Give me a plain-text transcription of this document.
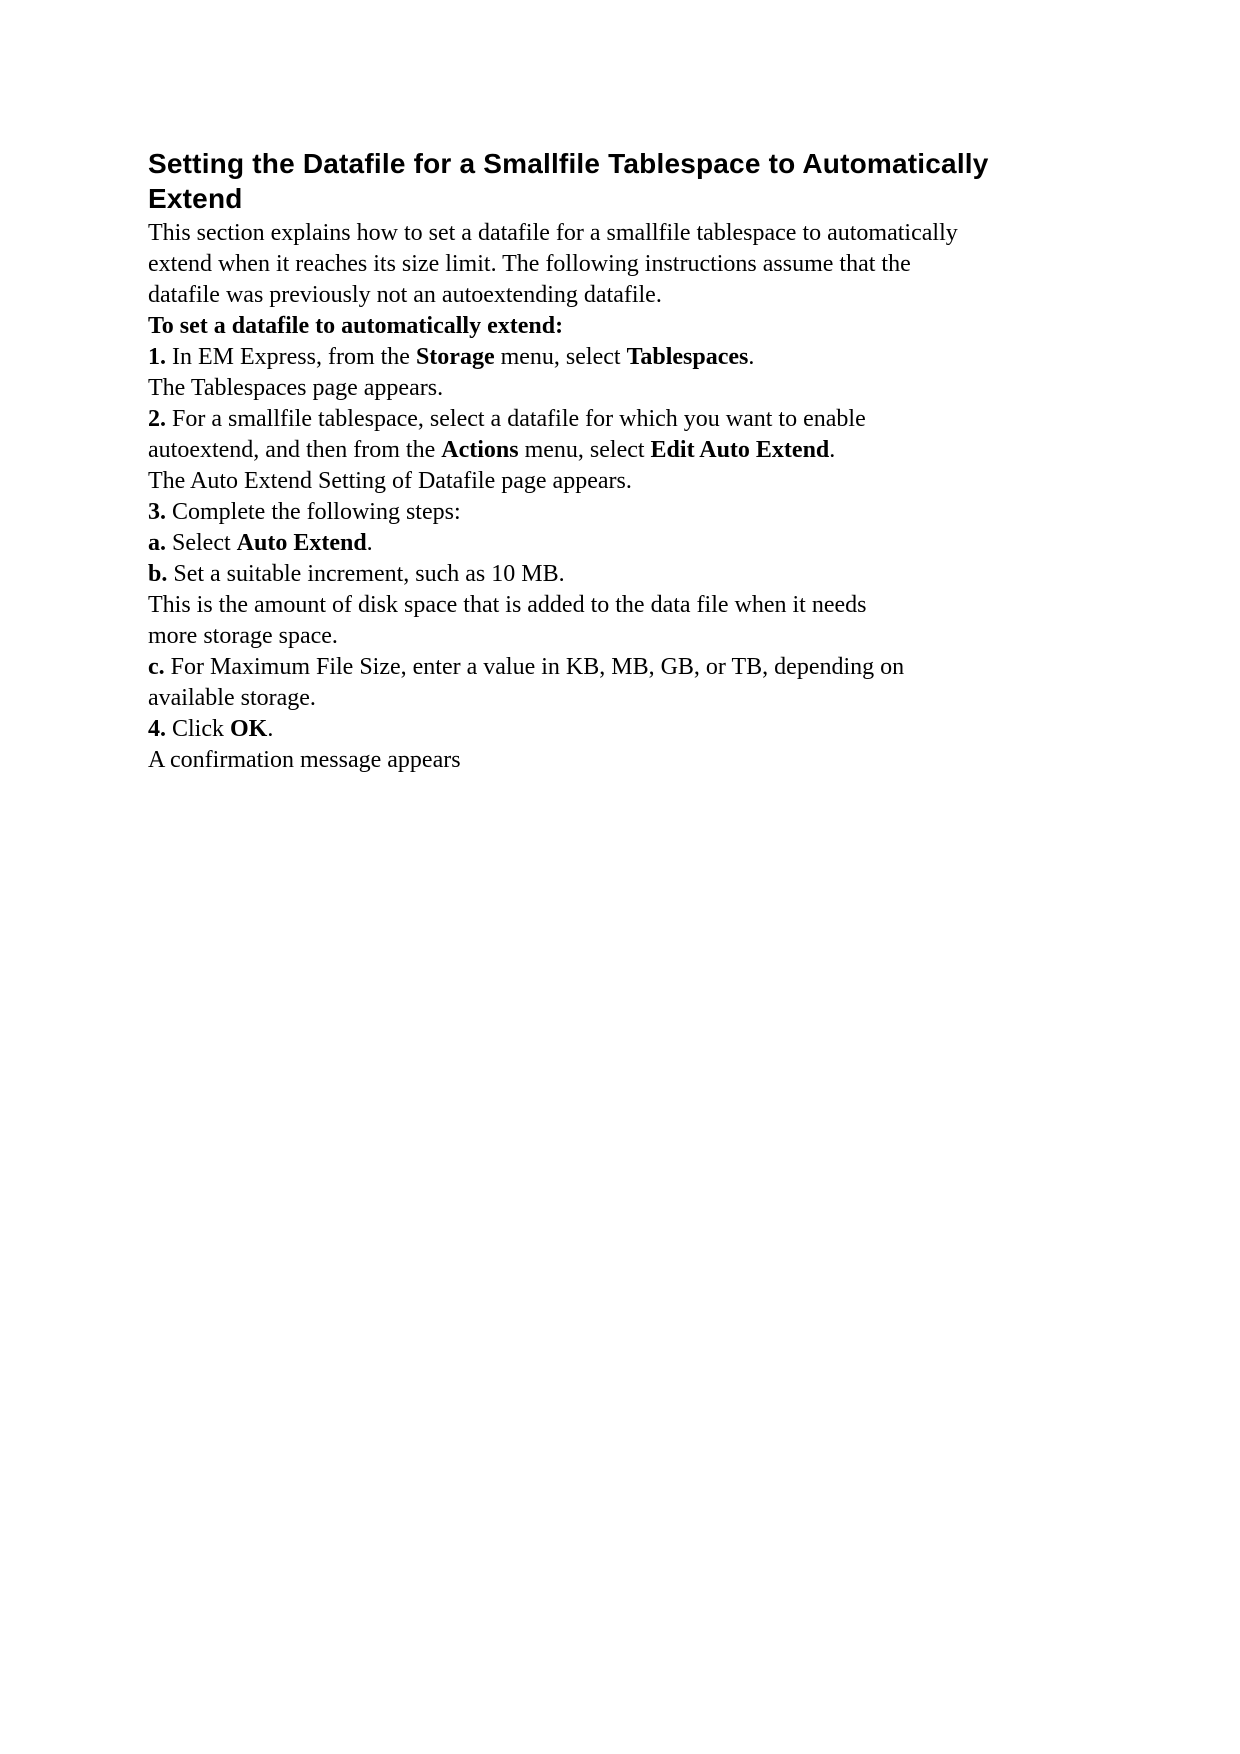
Setting the Datafile for a Smallfile Tablespace to Automatically
Extend
This section explains how to set a datafile for a smallfile tablespace to automatically
extend when it reaches its size limit. The following instructions assume that the
datafile was previously not an autoextending datafile.
To set a datafile to automatically extend:
1. In EM Express, from the Storage menu, select Tablespaces.
The Tablespaces page appears.
2. For a smallfile tablespace, select a datafile for which you want to enable
autoextend, and then from the Actions menu, select Edit Auto Extend.
The Auto Extend Setting of Datafile page appears.
3. Complete the following steps:
a. Select Auto Extend.
b. Set a suitable increment, such as 10 MB.
This is the amount of disk space that is added to the data file when it needs
more storage space.
c. For Maximum File Size, enter a value in KB, MB, GB, or TB, depending on
available storage.
4. Click OK.
A confirmation message appears
